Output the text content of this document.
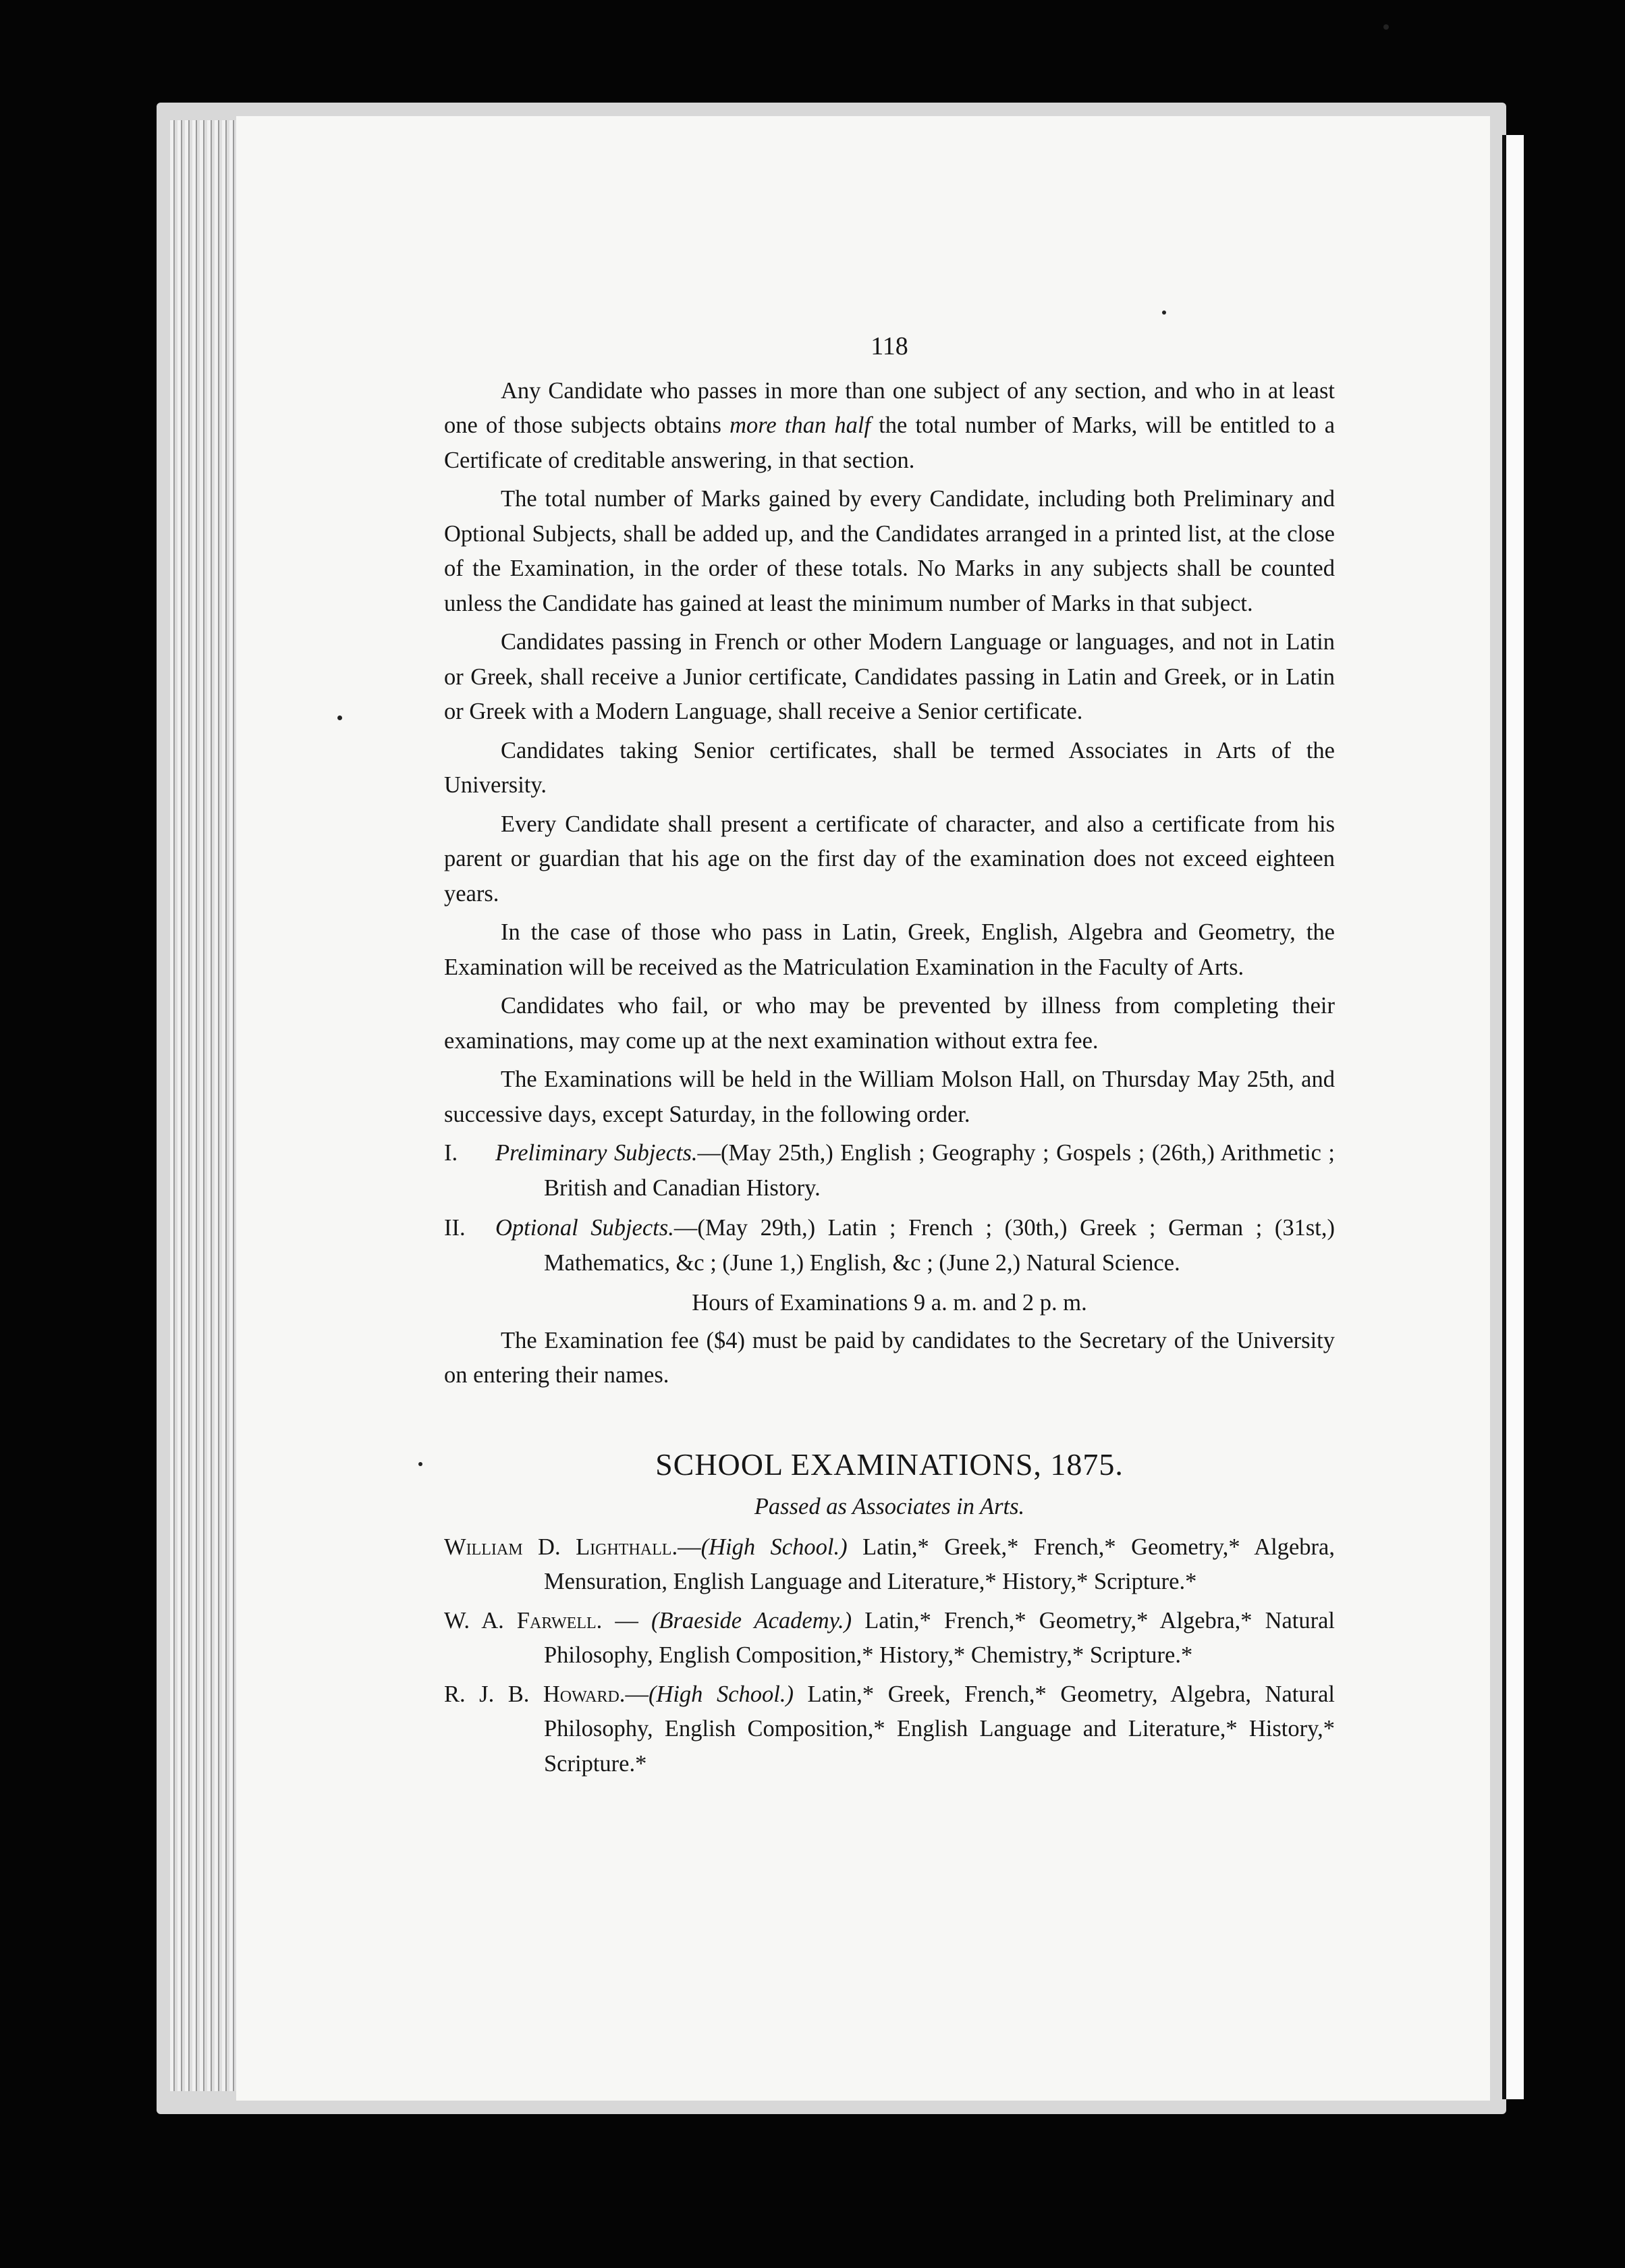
118

Any Candidate who passes in more than one subject of any section, and who in at least one of those subjects obtains more than half the total number of Marks, will be entitled to a Certificate of creditable answering, in that section.

The total number of Marks gained by every Candidate, including both Preliminary and Optional Subjects, shall be added up, and the Candidates arranged in a printed list, at the close of the Examination, in the order of these totals. No Marks in any subjects shall be counted unless the Candidate has gained at least the minimum number of Marks in that subject.

Candidates passing in French or other Modern Language or languages, and not in Latin or Greek, shall receive a Junior certificate, Candidates passing in Latin and Greek, or in Latin or Greek with a Modern Language, shall receive a Senior certificate.

Candidates taking Senior certificates, shall be termed Associates in Arts of the University.

Every Candidate shall present a certificate of character, and also a certificate from his parent or guardian that his age on the first day of the examination does not exceed eighteen years.

In the case of those who pass in Latin, Greek, English, Algebra and Geometry, the Examination will be received as the Matriculation Examination in the Faculty of Arts.

Candidates who fail, or who may be prevented by illness from completing their examinations, may come up at the next examination without extra fee.

The Examinations will be held in the William Molson Hall, on Thursday May 25th, and successive days, except Saturday, in the following order.

I. Preliminary Subjects.—(May 25th,) English ; Geography ; Gospels ; (26th,) Arithmetic ; British and Canadian History.

II. Optional Subjects.—(May 29th,) Latin ; French ; (30th,) Greek ; German ; (31st,) Mathematics, &c ; (June 1,) English, &c ; (June 2,) Natural Science.

Hours of Examinations 9 a. m. and 2 p. m.

The Examination fee ($4) must be paid by candidates to the Secretary of the University on entering their names.

SCHOOL EXAMINATIONS, 1875.
Passed as Associates in Arts.

William D. Lighthall.—(High School.) Latin,* Greek,* French,* Geometry,* Algebra, Mensuration, English Language and Literature,* History,* Scripture.*

W. A. Farwell. — (Braeside Academy.) Latin,* French,* Geometry,* Algebra,* Natural Philosophy, English Composition,* History,* Chemistry,* Scripture.*

R. J. B. Howard.—(High School.) Latin,* Greek, French,* Geometry, Algebra, Natural Philosophy, English Composition,* English Language and Literature,* History,* Scripture.*
